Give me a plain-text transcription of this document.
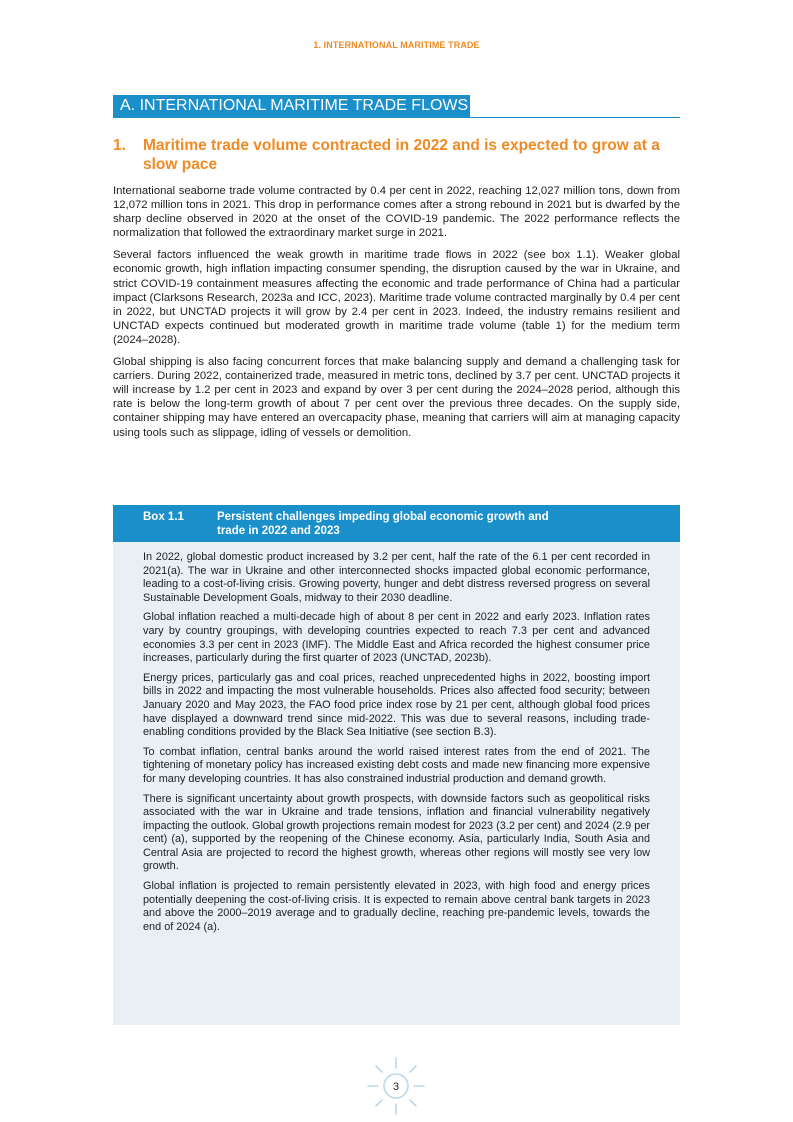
1. INTERNATIONAL MARITIME TRADE
A. INTERNATIONAL MARITIME TRADE FLOWS
1. Maritime trade volume contracted in 2022 and is expected to grow at a slow pace

International seaborne trade volume contracted by 0.4 per cent in 2022, reaching 12,027 million tons, down from 12,072 million tons in 2021. This drop in performance comes after a strong rebound in 2021 but is dwarfed by the sharp decline observed in 2020 at the onset of the COVID-19 pandemic. The 2022 performance reflects the normalization that followed the extraordinary market surge in 2021.

Several factors influenced the weak growth in maritime trade flows in 2022 (see box 1.1). Weaker global economic growth, high inflation impacting consumer spending, the disruption caused by the war in Ukraine, and strict COVID-19 containment measures affecting the economic and trade performance of China had a particular impact (Clarksons Research, 2023a and ICC, 2023). Maritime trade volume contracted marginally by 0.4 per cent in 2022, but UNCTAD projects it will grow by 2.4 per cent in 2023. Indeed, the industry remains resilient and UNCTAD expects continued but moderated growth in maritime trade volume (table 1) for the medium term (2024–2028).

Global shipping is also facing concurrent forces that make balancing supply and demand a challenging task for carriers. During 2022, containerized trade, measured in metric tons, declined by 3.7 per cent. UNCTAD projects it will increase by 1.2 per cent in 2023 and expand by over 3 per cent during the 2024–2028 period, although this rate is below the long-term growth of about 7 per cent over the previous three decades. On the supply side, container shipping may have entered an overcapacity phase, meaning that carriers will aim at managing capacity using tools such as slippage, idling of vessels or demolition.

Box 1.1	Persistent challenges impeding global economic growth and trade in 2022 and 2023

In 2022, global domestic product increased by 3.2 per cent, half the rate of the 6.1 per cent recorded in 2021(a). The war in Ukraine and other interconnected shocks impacted global economic performance, leading to a cost-of-living crisis. Growing poverty, hunger and debt distress reversed progress on several Sustainable Development Goals, midway to their 2030 deadline.

Global inflation reached a multi-decade high of about 8 per cent in 2022 and early 2023. Inflation rates vary by country groupings, with developing countries expected to reach 7.3 per cent and advanced economies 3.3 per cent in 2023 (IMF). The Middle East and Africa recorded the highest consumer price increases, particularly during the first quarter of 2023 (UNCTAD, 2023b).

Energy prices, particularly gas and coal prices, reached unprecedented highs in 2022, boosting import bills in 2022 and impacting the most vulnerable households. Prices also affected food security; between January 2020 and May 2023, the FAO food price index rose by 21 per cent, although global food prices have displayed a downward trend since mid-2022. This was due to several reasons, including trade-enabling conditions provided by the Black Sea Initiative (see section B.3).

To combat inflation, central banks around the world raised interest rates from the end of 2021. The tightening of monetary policy has increased existing debt costs and made new financing more expensive for many developing countries. It has also constrained industrial production and demand growth.

There is significant uncertainty about growth prospects, with downside factors such as geopolitical risks associated with the war in Ukraine and trade tensions, inflation and financial vulnerability negatively impacting the outlook. Global growth projections remain modest for 2023 (3.2 per cent) and 2024 (2.9 per cent) (a), supported by the reopening of the Chinese economy. Asia, particularly India, South Asia and Central Asia are projected to record the highest growth, whereas other regions will mostly see very low growth.

Global inflation is projected to remain persistently elevated in 2023, with high food and energy prices potentially deepening the cost-of-living crisis. It is expected to remain above central bank targets in 2023 and above the 2000–2019 average and to gradually decline, reaching pre-pandemic levels, towards the end of 2024 (a).

3
